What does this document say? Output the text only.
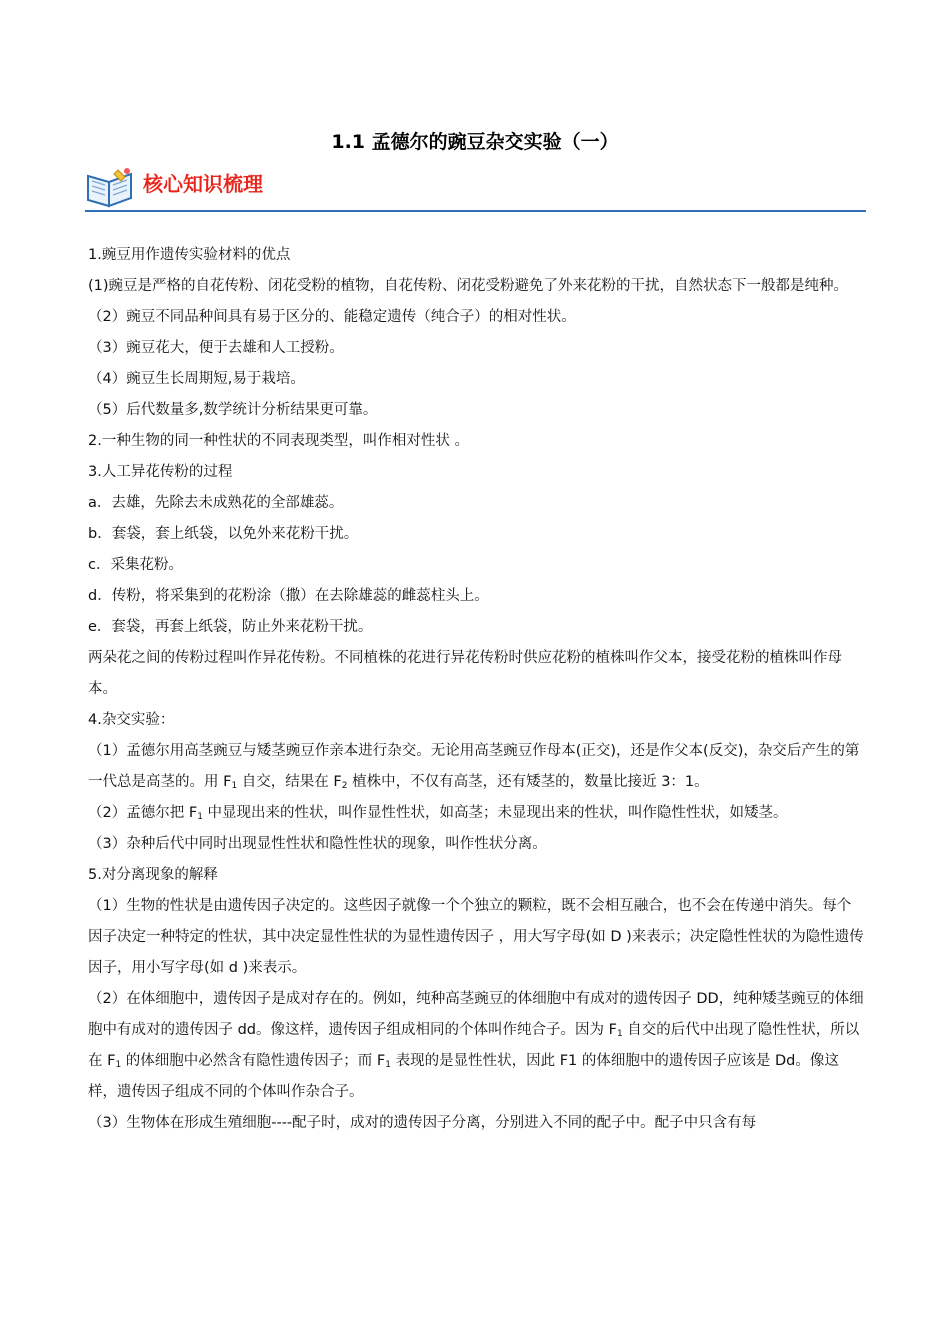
1.1 孟德尔的豌豆杂交实验（一）
核心知识梳理

1.豌豆用作遗传实验材料的优点

(1)豌豆是严格的自花传粉、闭花受粉的植物，自花传粉、闭花受粉避免了外来花粉的干扰，自然状态下一般都是纯种。

（2）豌豆不同品种间具有易于区分的、能稳定遗传（纯合子）的相对性状。

（3）豌豆花大，便于去雄和人工授粉。

（4）豌豆生长周期短,易于栽培。

（5）后代数量多,数学统计分析结果更可靠。

2.一种生物的同一种性状的不同表现类型，叫作相对性状 。

3.人工异花传粉的过程

a．去雄，先除去未成熟花的全部雄蕊。

b．套袋，套上纸袋，以免外来花粉干扰。

c．采集花粉。

d．传粉，将采集到的花粉涂（撒）在去除雄蕊的雌蕊柱头上。

e．套袋，再套上纸袋，防止外来花粉干扰。

两朵花之间的传粉过程叫作异花传粉。不同植株的花进行异花传粉时供应花粉的植株叫作父本，接受花粉的植株叫作母本。

4.杂交实验：

（1）孟德尔用高茎豌豆与矮茎豌豆作亲本进行杂交。无论用高茎豌豆作母本(正交)，还是作父本(反交)，杂交后产生的第一代总是高茎的。用 $F_1$ 自交，结果在 $F_2$ 植株中，不仅有高茎，还有矮茎的，数量比接近 3：1。

（2）孟德尔把 $F_1$ 中显现出来的性状，叫作显性性状，如高茎；未显现出来的性状，叫作隐性性状，如矮茎。

（3）杂种后代中同时出现显性性状和隐性性状的现象，叫作性状分离。

5.对分离现象的解释

（1）生物的性状是由遗传因子决定的。这些因子就像一个个独立的颗粒，既不会相互融合，也不会在传递中消失。每个因子决定一种特定的性状，其中决定显性性状的为显性遗传因子 ，用大写字母(如 D )来表示；决定隐性性状的为隐性遗传因子，用小写字母(如 d )来表示。

（2）在体细胞中，遗传因子是成对存在的。例如，纯种高茎豌豆的体细胞中有成对的遗传因子 DD，纯种矮茎豌豆的体细胞中有成对的遗传因子 dd。像这样，遗传因子组成相同的个体叫作纯合子。因为 $F_1$ 自交的后代中出现了隐性性状，所以在 $F_1$ 的体细胞中必然含有隐性遗传因子；而 $F_1$ 表现的是显性性状，因此 F1 的体细胞中的遗传因子应该是 Dd。像这样，遗传因子组成不同的个体叫作杂合子。

（3）生物体在形成生殖细胞----配子时，成对的遗传因子分离，分别进入不同的配子中。配子中只含有每
